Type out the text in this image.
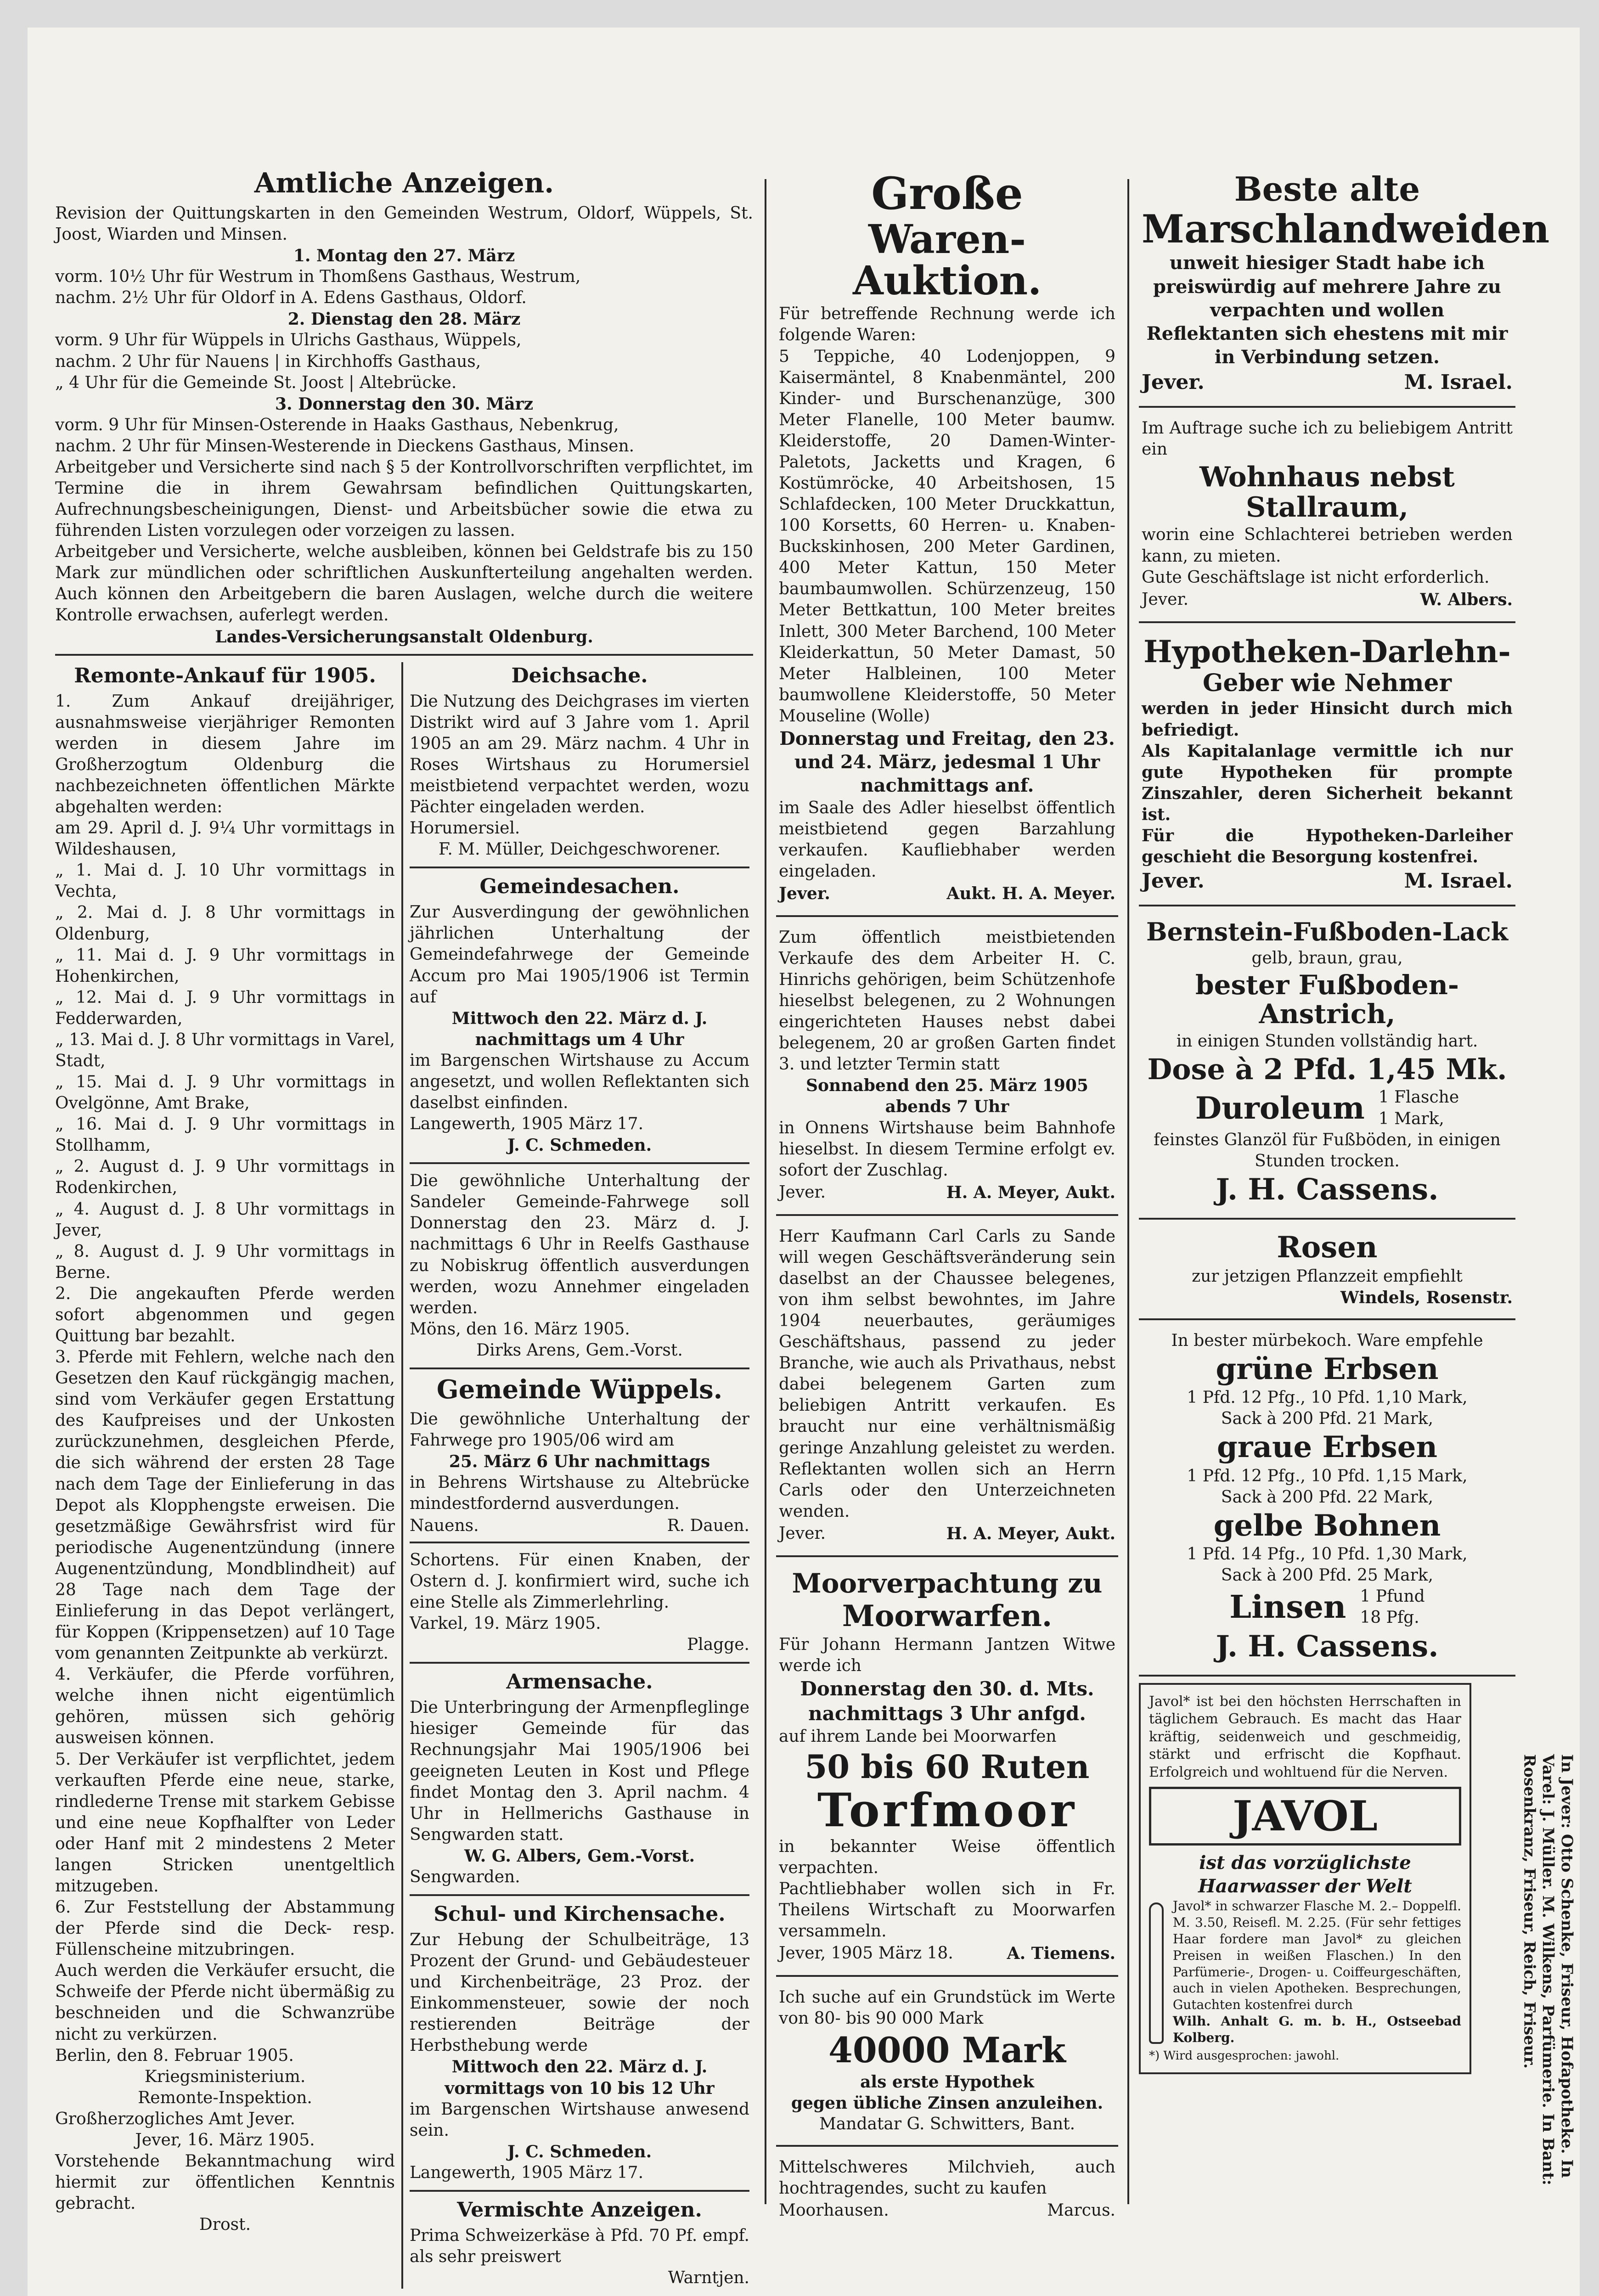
Amtliche Anzeigen.

Revision der Quittungskarten in den Gemeinden Westrum, Oldorf, Wüppels, St. Joost, Wiarden und Minsen.

1. Montag den 27. März

vorm. 10½ Uhr für Westrum in Thomßens Gasthaus, Westrum,

nachm. 2½ Uhr für Oldorf in A. Edens Gasthaus, Oldorf.

2. Dienstag den 28. März

vorm. 9 Uhr für Wüppels in Ulrichs Gasthaus, Wüppels,

nachm. 2 Uhr für Nauens | in Kirchhoffs Gasthaus,

„ 4 Uhr für die Gemeinde St. Joost | Altebrücke.

3. Donnerstag den 30. März

vorm. 9 Uhr für Minsen-Osterende in Haaks Gasthaus, Nebenkrug,

nachm. 2 Uhr für Minsen-Westerende in Dieckens Gasthaus, Minsen.

Arbeitgeber und Versicherte sind nach § 5 der Kontrollvorschriften verpflichtet, im Termine die in ihrem Gewahrsam befindlichen Quittungskarten, Aufrechnungsbescheinigungen, Dienst- und Arbeitsbücher sowie die etwa zu führenden Listen vorzulegen oder vorzeigen zu lassen.

Arbeitgeber und Versicherte, welche ausbleiben, können bei Geldstrafe bis zu 150 Mark zur mündlichen oder schriftlichen Auskunfterteilung angehalten werden. Auch können den Arbeitgebern die baren Auslagen, welche durch die weitere Kontrolle erwachsen, auferlegt werden.

Landes-Versicherungsanstalt Oldenburg.

Remonte-Ankauf für 1905.

1. Zum Ankauf dreijähriger, ausnahmsweise vierjähriger Remonten werden in diesem Jahre im Großherzogtum Oldenburg die nachbezeichneten öffentlichen Märkte abgehalten werden:

am 29. April d. J. 9¼ Uhr vormittags in Wildeshausen,

„ 1. Mai d. J. 10 Uhr vormittags in Vechta,

„ 2. Mai d. J. 8 Uhr vormittags in Oldenburg,

„ 11. Mai d. J. 9 Uhr vormittags in Hohenkirchen,

„ 12. Mai d. J. 9 Uhr vormittags in Fedderwarden,

„ 13. Mai d. J. 8 Uhr vormittags in Varel, Stadt,

„ 15. Mai d. J. 9 Uhr vormittags in Ovelgönne, Amt Brake,

„ 16. Mai d. J. 9 Uhr vormittags in Stollhamm,

„ 2. August d. J. 9 Uhr vormittags in Rodenkirchen,

„ 4. August d. J. 8 Uhr vormittags in Jever,

„ 8. August d. J. 9 Uhr vormittags in Berne.

2. Die angekauften Pferde werden sofort abgenommen und gegen Quittung bar bezahlt.

3. Pferde mit Fehlern, welche nach den Gesetzen den Kauf rückgängig machen, sind vom Verkäufer gegen Erstattung des Kaufpreises und der Unkosten zurückzunehmen, desgleichen Pferde, die sich während der ersten 28 Tage nach dem Tage der Einlieferung in das Depot als Klopphengste erweisen. Die gesetzmäßige Gewährsfrist wird für periodische Augenentzündung (innere Augenentzündung, Mondblindheit) auf 28 Tage nach dem Tage der Einlieferung in das Depot verlängert, für Koppen (Krippensetzen) auf 10 Tage vom genannten Zeitpunkte ab verkürzt.

4. Verkäufer, die Pferde vorführen, welche ihnen nicht eigentümlich gehören, müssen sich gehörig ausweisen können.

5. Der Verkäufer ist verpflichtet, jedem verkauften Pferde eine neue, starke, rindlederne Trense mit starkem Gebisse und eine neue Kopfhalfter von Leder oder Hanf mit 2 mindestens 2 Meter langen Stricken unentgeltlich mitzugeben.

6. Zur Feststellung der Abstammung der Pferde sind die Deck- resp. Füllenscheine mitzubringen.

Auch werden die Verkäufer ersucht, die Schweife der Pferde nicht übermäßig zu beschneiden und die Schwanzrübe nicht zu verkürzen.

Berlin, den 8. Februar 1905.

Kriegsministerium.

Remonte-Inspektion.

Großherzogliches Amt Jever.

Jever, 16. März 1905.

Vorstehende Bekanntmachung wird hiermit zur öffentlichen Kenntnis gebracht.

Drost.

Deichsache.

Die Nutzung des Deichgrases im vierten Distrikt wird auf 3 Jahre vom 1. April 1905 an am 29. März nachm. 4 Uhr in Roses Wirtshaus zu Horumersiel meistbietend verpachtet werden, wozu Pächter eingeladen werden.

Horumersiel.

F. M. Müller, Deichgeschworener.

Gemeindesachen.

Zur Ausverdingung der gewöhnlichen jährlichen Unterhaltung der Gemeindefahrwege der Gemeinde Accum pro Mai 1905/1906 ist Termin auf

Mittwoch den 22. März d. J. nachmittags um 4 Uhr

im Bargenschen Wirtshause zu Accum angesetzt, und wollen Reflektanten sich daselbst einfinden.

Langewerth, 1905 März 17.

J. C. Schmeden.

Die gewöhnliche Unterhaltung der Sandeler Gemeinde-Fahrwege soll Donnerstag den 23. März d. J. nachmittags 6 Uhr in Reelfs Gasthause zu Nobiskrug öffentlich ausverdungen werden, wozu Annehmer eingeladen werden.

Möns, den 16. März 1905.

Dirks Arens, Gem.-Vorst.

Gemeinde Wüppels.

Die gewöhnliche Unterhaltung der Fahrwege pro 1905/06 wird am

25. März 6 Uhr nachmittags

in Behrens Wirtshause zu Altebrücke mindestfordernd ausverdungen.

Nauens.	R. Dauen.

Schortens. Für einen Knaben, der Ostern d. J. konfirmiert wird, suche ich eine Stelle als Zimmerlehrling.

Varkel, 19. März 1905.

Plagge.

Armensache.

Die Unterbringung der Armenpfleglinge hiesiger Gemeinde für das Rechnungsjahr Mai 1905/1906 bei geeigneten Leuten in Kost und Pflege findet Montag den 3. April nachm. 4 Uhr in Hellmerichs Gasthause in Sengwarden statt.

W. G. Albers, Gem.-Vorst.

Sengwarden.

Schul- und Kirchensache.

Zur Hebung der Schulbeiträge, 13 Prozent der Grund- und Gebäudesteuer und Kirchenbeiträge, 23 Proz. der Einkommensteuer, sowie der noch restierenden Beiträge der Herbsthebung werde

Mittwoch den 22. März d. J. vormittags von 10 bis 12 Uhr

im Bargenschen Wirtshause anwesend sein.

J. C. Schmeden.

Langewerth, 1905 März 17.

Vermischte Anzeigen.

Prima Schweizerkäse à Pfd. 70 Pf. empf. als sehr preiswert

Warntjen.

Große
Waren-Auktion.

Für betreffende Rechnung werde ich folgende Waren:

5 Teppiche, 40 Lodenjoppen, 9 Kaisermäntel, 8 Knabenmäntel, 200 Kinder- und Burschenanzüge, 300 Meter Flanelle, 100 Meter baumw. Kleiderstoffe, 20 Damen-Winter-Paletots, Jacketts und Kragen, 6 Kostümröcke, 40 Arbeitshosen, 15 Schlafdecken, 100 Meter Druckkattun, 100 Korsetts, 60 Herren- u. Knaben-Buckskinhosen, 200 Meter Gardinen, 400 Meter Kattun, 150 Meter baumbaumwollen. Schürzenzeug, 150 Meter Bettkattun, 100 Meter breites Inlett, 300 Meter Barchend, 100 Meter Kleiderkattun, 50 Meter Damast, 50 Meter Halbleinen, 100 Meter baumwollene Kleiderstoffe, 50 Meter Mouseline (Wolle)

Donnerstag und Freitag, den 23. und 24. März, jedesmal 1 Uhr nachmittags anf.

im Saale des Adler hieselbst öffentlich meistbietend gegen Barzahlung verkaufen. Kaufliebhaber werden eingeladen.

Jever.	Aukt. H. A. Meyer.

Zum öffentlich meistbietenden Verkaufe des dem Arbeiter H. C. Hinrichs gehörigen, beim Schützenhofe hieselbst belegenen, zu 2 Wohnungen eingerichteten Hauses nebst dabei belegenem, 20 ar großen Garten findet 3. und letzter Termin statt

Sonnabend den 25. März 1905 abends 7 Uhr

in Onnens Wirtshause beim Bahnhofe hieselbst. In diesem Termine erfolgt ev. sofort der Zuschlag.

Jever.	H. A. Meyer, Aukt.

Herr Kaufmann Carl Carls zu Sande will wegen Geschäftsveränderung sein daselbst an der Chaussee belegenes, von ihm selbst bewohntes, im Jahre 1904 neuerbautes, geräumiges Geschäftshaus, passend zu jeder Branche, wie auch als Privathaus, nebst dabei belegenem Garten zum beliebigen Antritt verkaufen. Es braucht nur eine verhältnismäßig geringe Anzahlung geleistet zu werden. Reflektanten wollen sich an Herrn Carls oder den Unterzeichneten wenden.

Jever.	H. A. Meyer, Aukt.
Moorverpachtung zu
Moorwarfen.

Für Johann Hermann Jantzen Witwe werde ich

Donnerstag den 30. d. Mts. nachmittags 3 Uhr anfgd.

auf ihrem Lande bei Moorwarfen

50 bis 60 Ruten
Torfmoor

in bekannter Weise öffentlich verpachten.

Pachtliebhaber wollen sich in Fr. Theilens Wirtschaft zu Moorwarfen versammeln.

Jever, 1905 März 18.	A. Tiemens.

Ich suche auf ein Grundstück im Werte von 80- bis 90 000 Mark

40000 Mark

als erste Hypothek

gegen übliche Zinsen anzuleihen.

Mandatar G. Schwitters, Bant.

Mittelschweres Milchvieh, auch hochtragendes, sucht zu kaufen

Moorhausen.	Marcus.
Beste alte
Marschlandweiden

unweit hiesiger Stadt habe ich preiswürdig auf mehrere Jahre zu verpachten und wollen Reflektanten sich ehestens mit mir in Verbindung setzen.

Jever.	M. Israel.

Im Auftrage suche ich zu beliebigem Antritt ein

Wohnhaus nebst Stallraum,

worin eine Schlachterei betrieben werden kann, zu mieten.

Gute Geschäftslage ist nicht erforderlich.

Jever.	W. Albers.
Hypotheken-Darlehn-
Geber wie Nehmer

werden in jeder Hinsicht durch mich befriedigt.

Als Kapitalanlage vermittle ich nur gute Hypotheken für prompte Zinszahler, deren Sicherheit bekannt ist.

Für die Hypotheken-Darleiher geschieht die Besorgung kostenfrei.

Jever.	M. Israel.
Bernstein-Fußboden-Lack

gelb, braun, grau,

bester Fußboden-Anstrich,

in einigen Stunden vollständig hart.

Dose à 2 Pfd. 1,45 Mk.
Duroleum 1 Flasche
1 Mark,

feinstes Glanzöl für Fußböden, in einigen Stunden trocken.

J. H. Cassens.
Rosen

zur jetzigen Pflanzzeit empfiehlt

Windels, Rosenstr.

In bester mürbekoch. Ware empfehle

grüne Erbsen

1 Pfd. 12 Pfg., 10 Pfd. 1,10 Mark,

Sack à 200 Pfd. 21 Mark,

graue Erbsen

1 Pfd. 12 Pfg., 10 Pfd. 1,15 Mark,

Sack à 200 Pfd. 22 Mark,

gelbe Bohnen

1 Pfd. 14 Pfg., 10 Pfd. 1,30 Mark,

Sack à 200 Pfd. 25 Mark,

Linsen 1 Pfund
18 Pfg.
J. H. Cassens.

Javol* ist bei den höchsten Herrschaften in täglichem Gebrauch. Es macht das Haar kräftig, seidenweich und geschmeidig, stärkt und erfrischt die Kopfhaut. Erfolgreich und wohltuend für die Nerven.

JAVOL

ist das vorzüglichste Haarwasser der Welt

Javol* in schwarzer Flasche M. 2.– Doppelfl. M. 3.50, Reisefl. M. 2.25. (Für sehr fettiges Haar fordere man Javol* zu gleichen Preisen in weißen Flaschen.) In den Parfümerie-, Drogen- u. Coiffeurgeschäften, auch in vielen Apotheken. Besprechungen, Gutachten kostenfrei durch

Wilh. Anhalt G. m. b. H., Ostseebad Kolberg.

*) Wird ausgesprochen: jawohl.	In Jever: Otto Schenke, Friseur, Hofapotheke. In Varel: J. Müller. M. Wilkens, Parfümerie. In Bant: Rosenkranz, Friseur, Reich, Friseur.
